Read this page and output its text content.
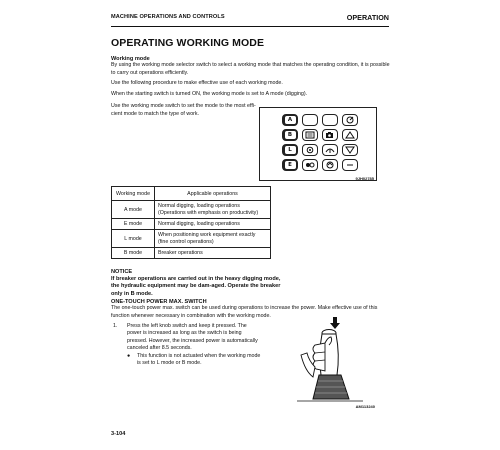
MACHINE OPERATIONS AND CONTROLS	OPERATION
OPERATING WORKING MODE
Working mode
By using the working mode selector switch to select a working mode that matches the operating condition, it is possible to carry out operations efficiently.
Use the following procedure to make effective use of each working mode.
When the starting switch is turned ON, the working mode is set to A mode (digging).
Use the working mode switch to set the mode to the most effi-cient mode to match the type of work.
A
B
L
E
9JH02785
Working mode	Applicable operations
A mode	Normal digging, loading operations
(Operations with emphasis on productivity)

E mode	Normal digging, loading operations

L mode	When positioning work equipment exactly
(fine control operations)

B mode	Breaker operations
NOTICE
If breaker operations are carried out in the heavy digging mode, the hydraulic equipment may be dam-aged. Operate the breaker only in B mode.
ONE-TOUCH POWER MAX. SWITCH
The one-touch power max. switch can be used during operations to increase the power. Make effective use of this function whenever necessary in combination with the working mode.
1. Press the left knob switch and keep it pressed. The power is increased as long as the switch is being pressed. However, the increased power is automatically canceled after 8.5 seconds.
● This function is not actuated when the working mode is set to L mode or B mode.
AM113240
3-104
